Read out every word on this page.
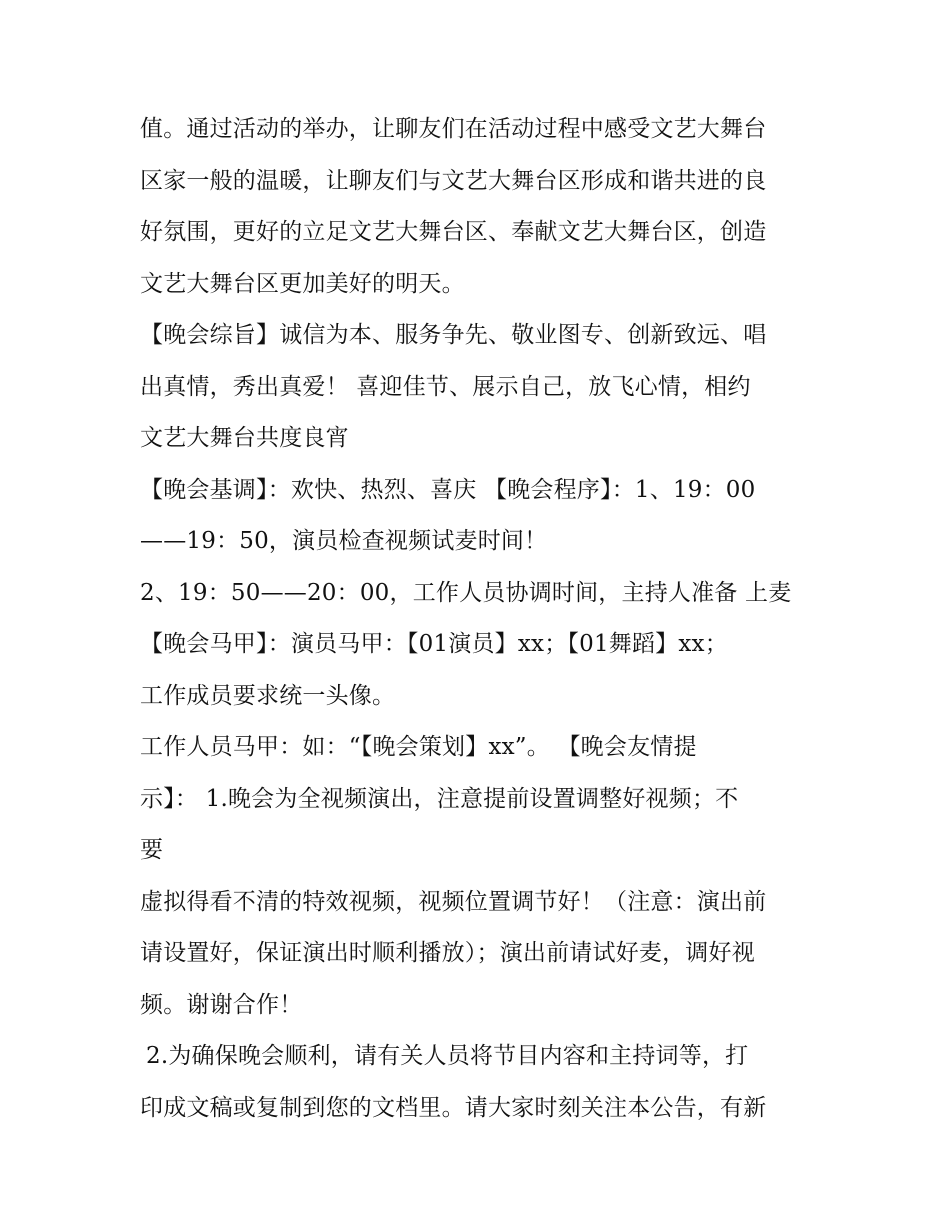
值。通过活动的举办，让聊友们在活动过程中感受文艺大舞台
区家一般的温暖，让聊友们与文艺大舞台区形成和谐共进的良
好氛围，更好的立足文艺大舞台区、奉献文艺大舞台区，创造
文艺大舞台区更加美好的明天。
【晚会综旨】诚信为本、服务争先、敬业图专、创新致远、唱
出真情，秀出真爱！ 喜迎佳节、展示自己，放飞心情，相约
文艺大舞台共度良宵
【晚会基调】：欢快、热烈、喜庆 【晚会程序】：1、19：00
——19：50，演员检查视频试麦时间！
2、19：50——20：00，工作人员协调时间，主持人准备 上麦
【晚会马甲】：演员马甲：【01演员】xx；【01舞蹈】xx；
工作成员要求统一头像。
工作人员马甲：如：“【晚会策划】xx”。 【晚会友情提
示】： 1.晚会为全视频演出，注意提前设置调整好视频；不
要
虚拟得看不清的特效视频，视频位置调节好！（注意：演出前
请设置好，保证演出时顺利播放）；演出前请试好麦，调好视
频。谢谢合作！
2.为确保晚会顺利，请有关人员将节目内容和主持词等，打
印成文稿或复制到您的文档里。请大家时刻关注本公告，有新
